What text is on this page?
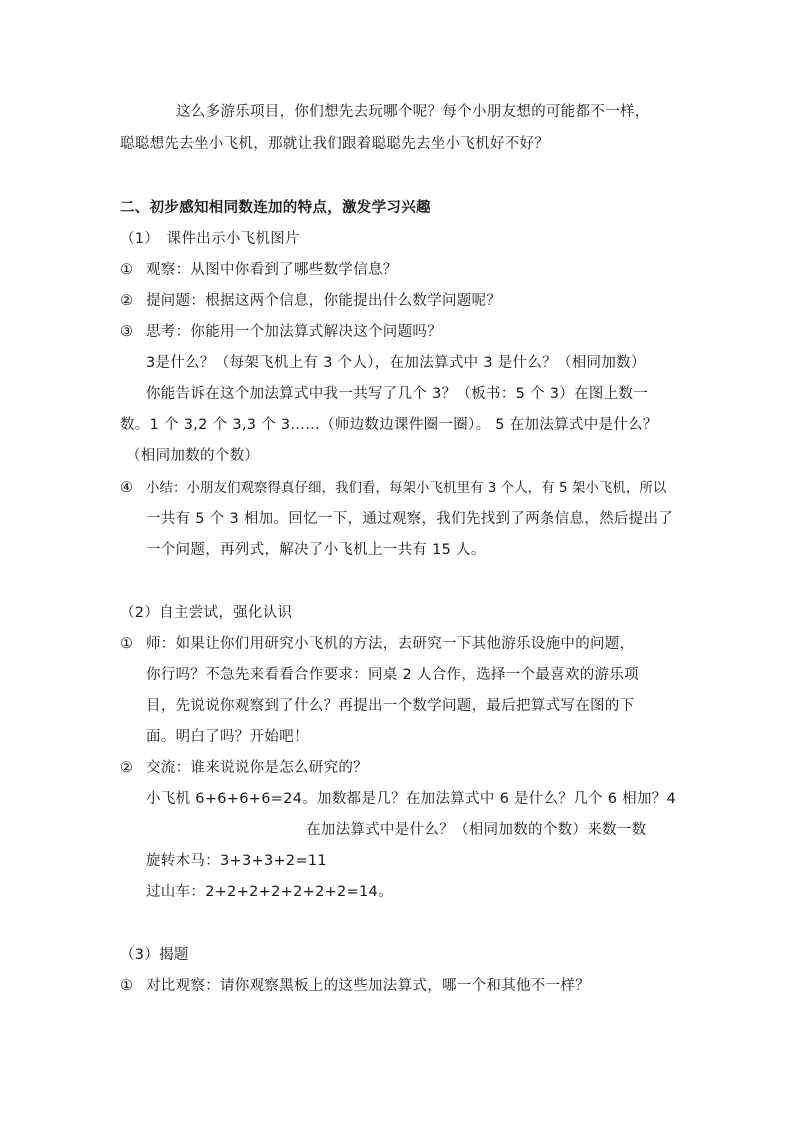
这么多游乐项目，你们想先去玩哪个呢？每个小朋友想的可能都不一样，
聪聪想先去坐小飞机，那就让我们跟着聪聪先去坐小飞机好不好？
二、初步感知相同数连加的特点，激发学习兴趣
（1）　课件出示小飞机图片
① 观察：从图中你看到了哪些数学信息？
② 提问题：根据这两个信息，你能提出什么数学问题呢？
③ 思考：你能用一个加法算式解决这个问题吗？
3是什么？（每架飞机上有 3 个人），在加法算式中 3 是什么？（相同加数）
你能告诉在这个加法算式中我一共写了几个 3？（板书：5 个 3）在图上数一
数。1 个 3,2 个 3,3 个 3……（师边数边课件圈一圈）。 5 在加法算式中是什么？
（相同加数的个数）
④ 小结：小朋友们观察得真仔细，我们看，每架小飞机里有 3 个人，有 5 架小飞机，所以
一共有 5 个 3 相加。回忆一下，通过观察，我们先找到了两条信息，然后提出了
一个问题，再列式，解决了小飞机上一共有 15 人。
（2）自主尝试，强化认识
① 师：如果让你们用研究小飞机的方法，去研究一下其他游乐设施中的问题，
你行吗？不急先来看看合作要求：同桌 2 人合作，选择一个最喜欢的游乐项
目，先说说你观察到了什么？再提出一个数学问题，最后把算式写在图的下
面。明白了吗？开始吧！
② 交流：谁来说说你是怎么研究的？
小飞机 6+6+6+6=24。加数都是几？在加法算式中 6 是什么？几个 6 相加？4
在加法算式中是什么？（相同加数的个数）来数一数
旋转木马：3+3+3+2=11
过山车：2+2+2+2+2+2+2=14。
（3）揭题
① 对比观察：请你观察黑板上的这些加法算式，哪一个和其他不一样？
